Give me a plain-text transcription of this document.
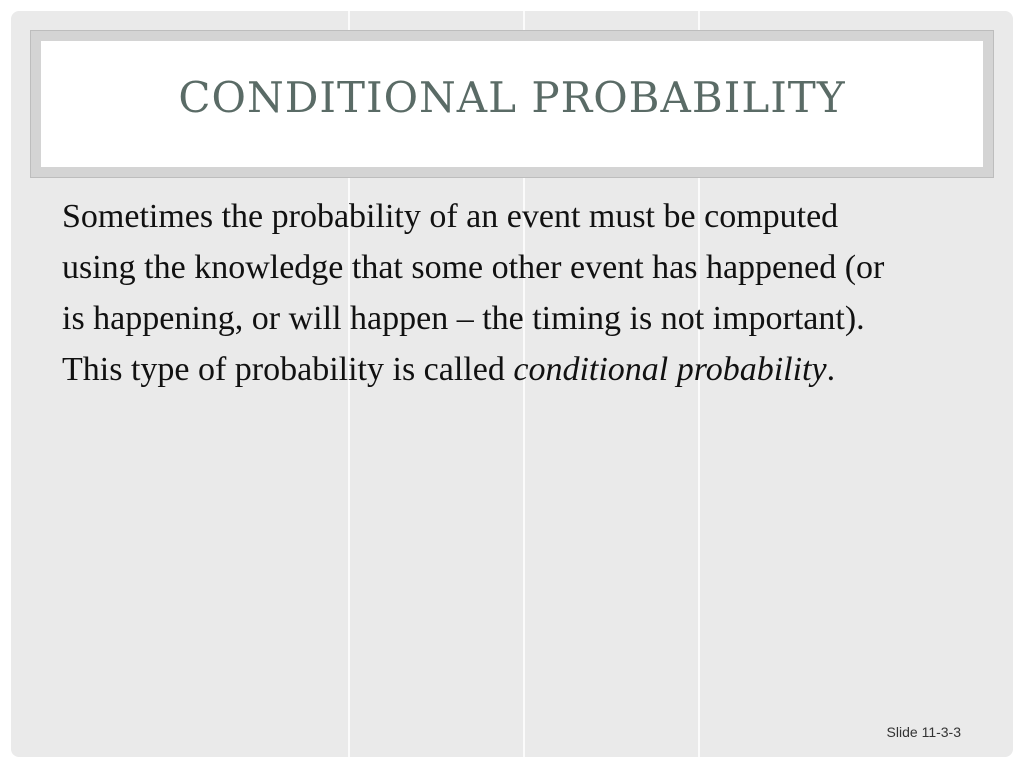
CONDITIONAL PROBABILITY

Sometimes the probability of an event must be computed using the knowledge that some other event has happened (or is happening, or will happen – the timing is not important). This type of probability is called conditional probability.

Slide 11-3-3
